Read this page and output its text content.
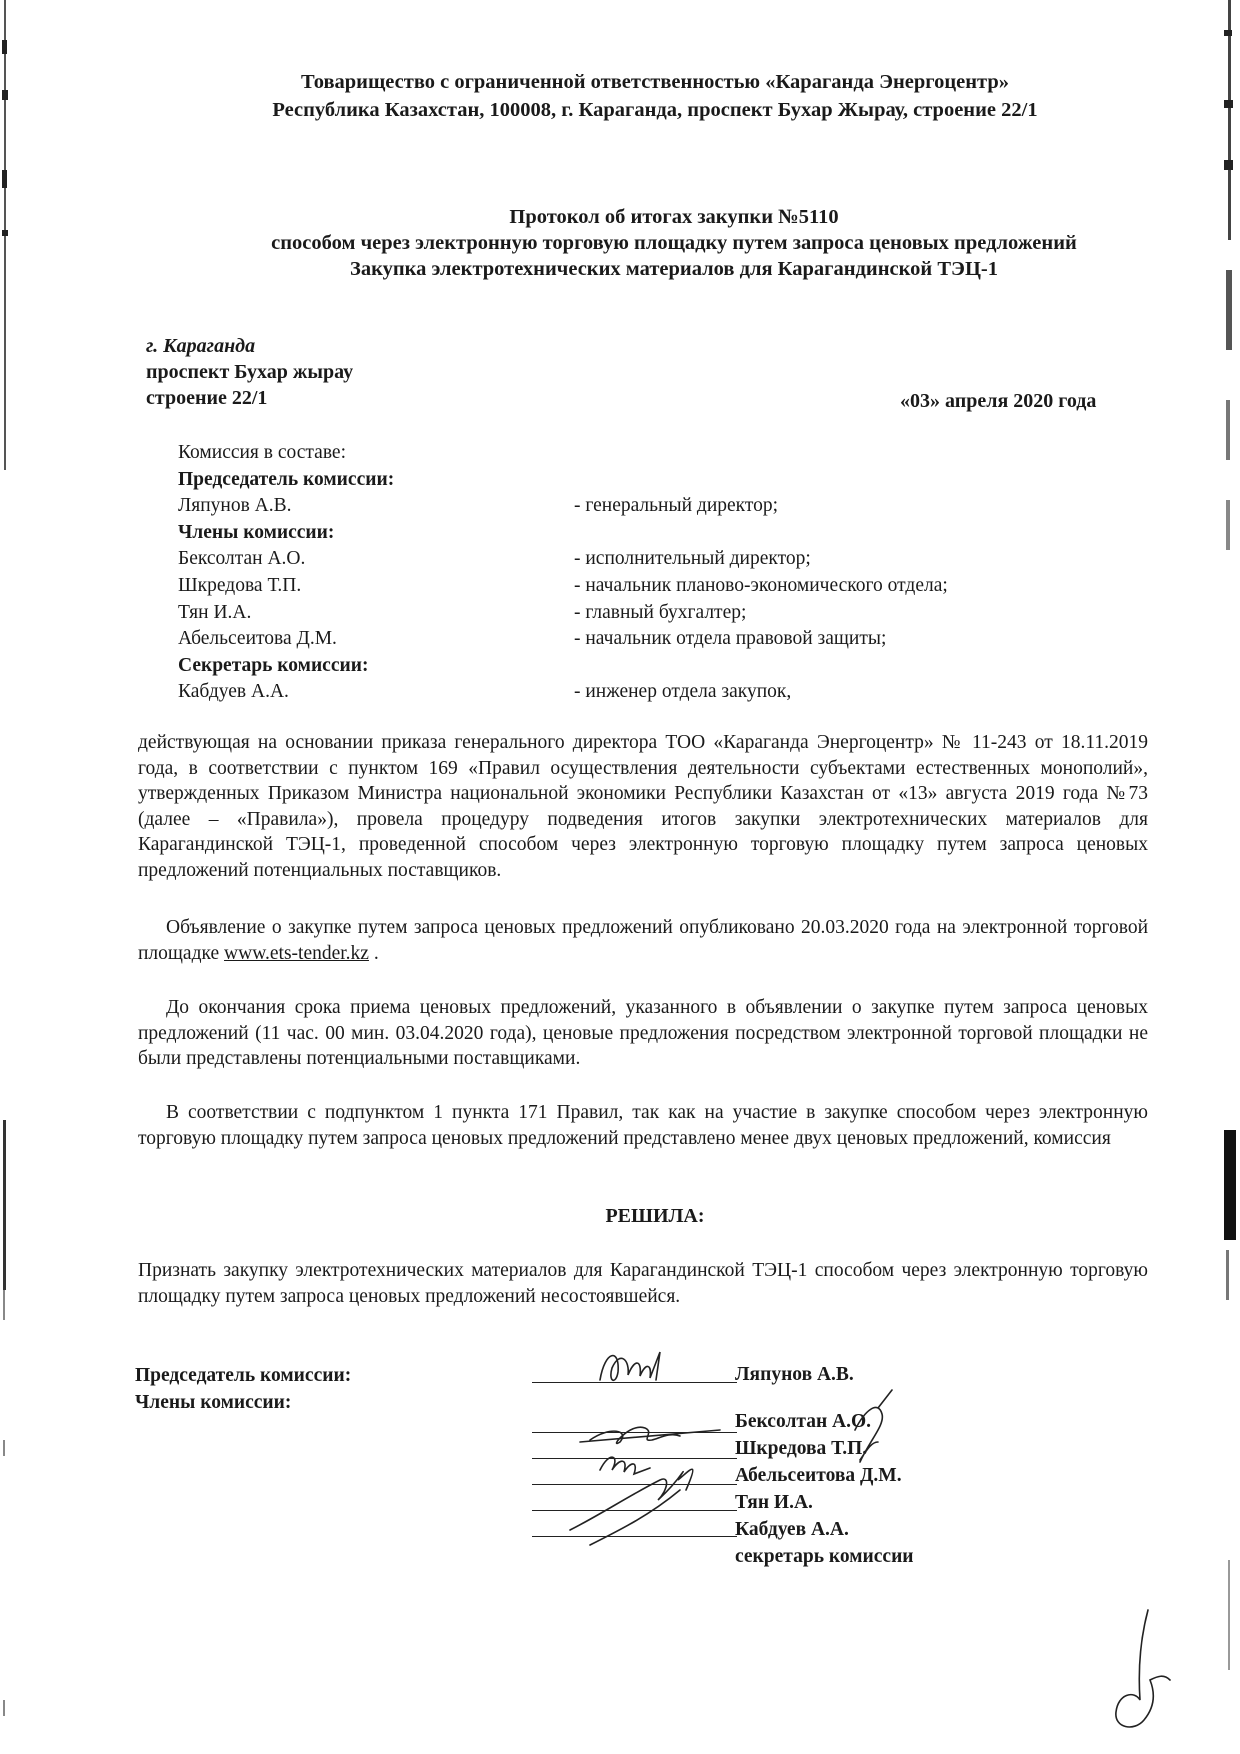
Товарищество с ограниченной ответственностью «Караганда Энергоцентр»
Республика Казахстан, 100008, г. Караганда, проспект Бухар Жырау, строение 22/1
Протокол об итогах закупки №5110
способом через электронную торговую площадку путем запроса ценовых предложений
Закупка электротехнических материалов для Карагандинской ТЭЦ-1
г. Караганда
проспект Бухар жырау
строение 22/1	«03» апреля 2020 года
Комиссия в составе:
Председатель комиссии:
Ляпунов А.В.	- генеральный директор;
Члены комиссии:
Бексолтан А.О.	- исполнительный директор;
Шкредова Т.П.	- начальник планово-экономического отдела;
Тян И.А.	- главный бухгалтер;
Абельсеитова Д.М.	- начальник отдела правовой защиты;
Секретарь комиссии:
Кабдуев А.А.	- инженер отдела закупок,
действующая на основании приказа генерального директора ТОО «Караганда Энергоцентр» № 11-243 от 18.11.2019 года, в соответствии с пунктом 169 «Правил осуществления деятельности субъектами естественных монополий», утвержденных Приказом Министра национальной экономики Республики Казахстан от «13» августа 2019 года №73 (далее – «Правила»), провела процедуру подведения итогов закупки электротехнических материалов для Карагандинской ТЭЦ-1, проведенной способом через электронную торговую площадку путем запроса ценовых предложений потенциальных поставщиков.
Объявление о закупке путем запроса ценовых предложений опубликовано 20.03.2020 года на электронной торговой площадке www.ets-tender.kz .
До окончания срока приема ценовых предложений, указанного в объявлении о закупке путем запроса ценовых предложений (11 час. 00 мин. 03.04.2020 года), ценовые предложения посредством электронной торговой площадки не были представлены потенциальными поставщиками.
В соответствии с подпунктом 1 пункта 171 Правил, так как на участие в закупке способом через электронную торговую площадку путем запроса ценовых предложений представлено менее двух ценовых предложений, комиссия
РЕШИЛА:
Признать закупку электротехнических материалов для Карагандинской ТЭЦ-1 способом через электронную торговую площадку путем запроса ценовых предложений несостоявшейся.
Председатель комиссии:
Члены комиссии:
Ляпунов А.В.
Бексолтан А.О.
Шкредова Т.П.
Абельсеитова Д.М.
Тян И.А.
Кабдуев А.А.
секретарь комиссии
